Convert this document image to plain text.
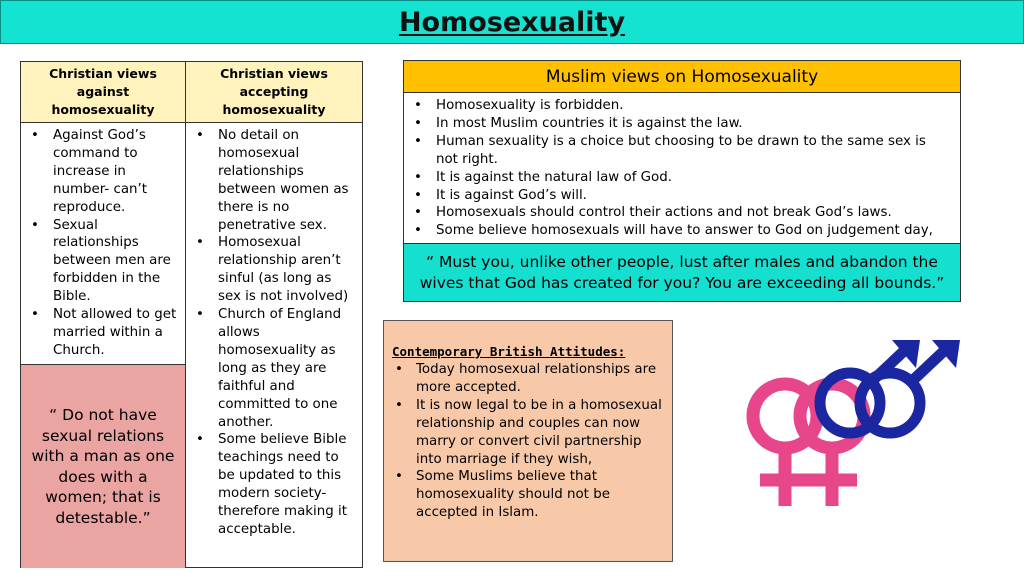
Homosexuality
Christian views against homosexuality
• Against God’s command to increase in number- can’t reproduce.
• Sexual relationships between men are forbidden in the Bible.
• Not allowed to get married within a Church.
“ Do not have sexual relations with a man as one does with a women; that is detestable.”
Christian views accepting homosexuality
• No detail on homosexual relationships between women as there is no penetrative sex.
• Homosexual relationship aren’t sinful (as long as sex is not involved)
• Church of England allows homosexuality as long as they are faithful and committed to one another.
• Some believe Bible teachings need to be updated to this modern society- therefore making it acceptable.
Muslim views on Homosexuality
• Homosexuality is forbidden.
• In most Muslim countries it is against the law.
• Human sexuality is a choice but choosing to be drawn to the same sex is not right.
• It is against the natural law of God.
• It is against God’s will.
• Homosexuals should control their actions and not break God’s laws.
• Some believe homosexuals will have to answer to God on judgement day,
“ Must you, unlike other people, lust after males and abandon the wives that God has created for you? You are exceeding all bounds.”
Contemporary British Attitudes:
• Today homosexual relationships are more accepted.
• It is now legal to be in a homosexual relationship and couples can now marry or convert civil partnership into marriage if they wish,
• Some Muslims believe that homosexuality should not be accepted in Islam.
